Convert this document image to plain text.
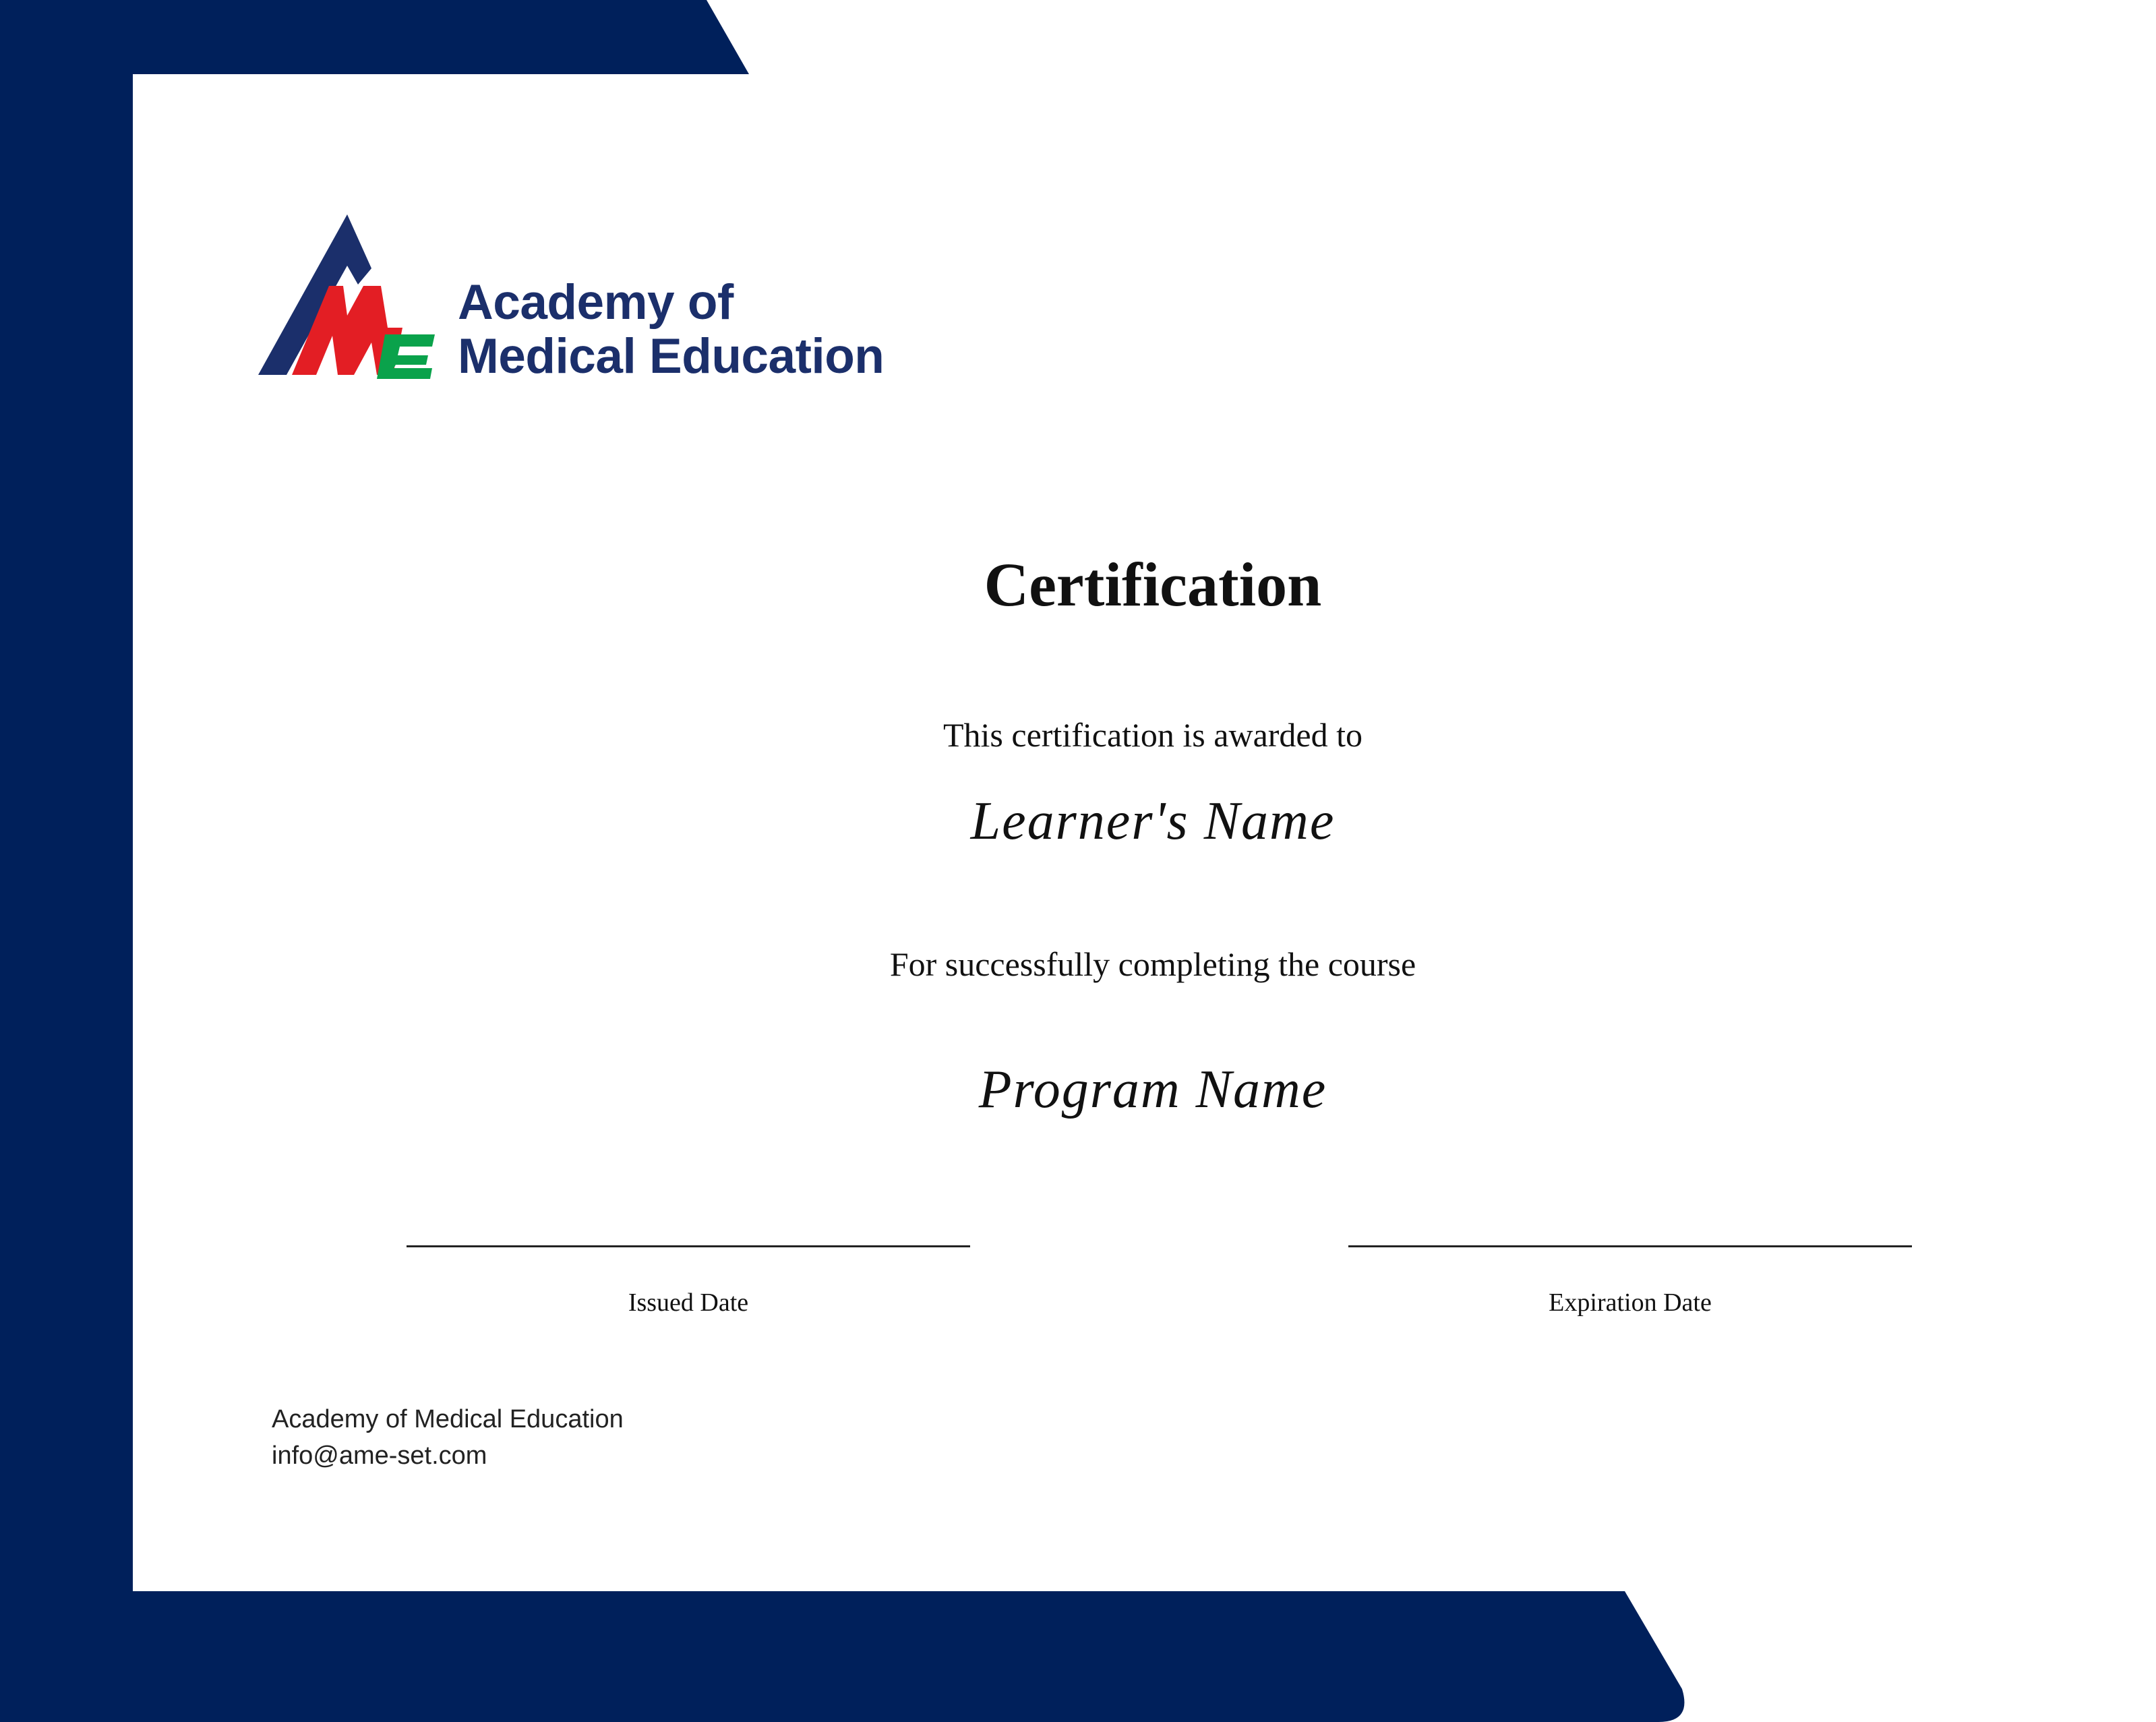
Academy of
Medical Education
Certification
This certification is awarded to
Learner's Name
For successfully completing the course
Program Name
Issued Date	Expiration Date
Academy of Medical Education
info@ame-set.com
